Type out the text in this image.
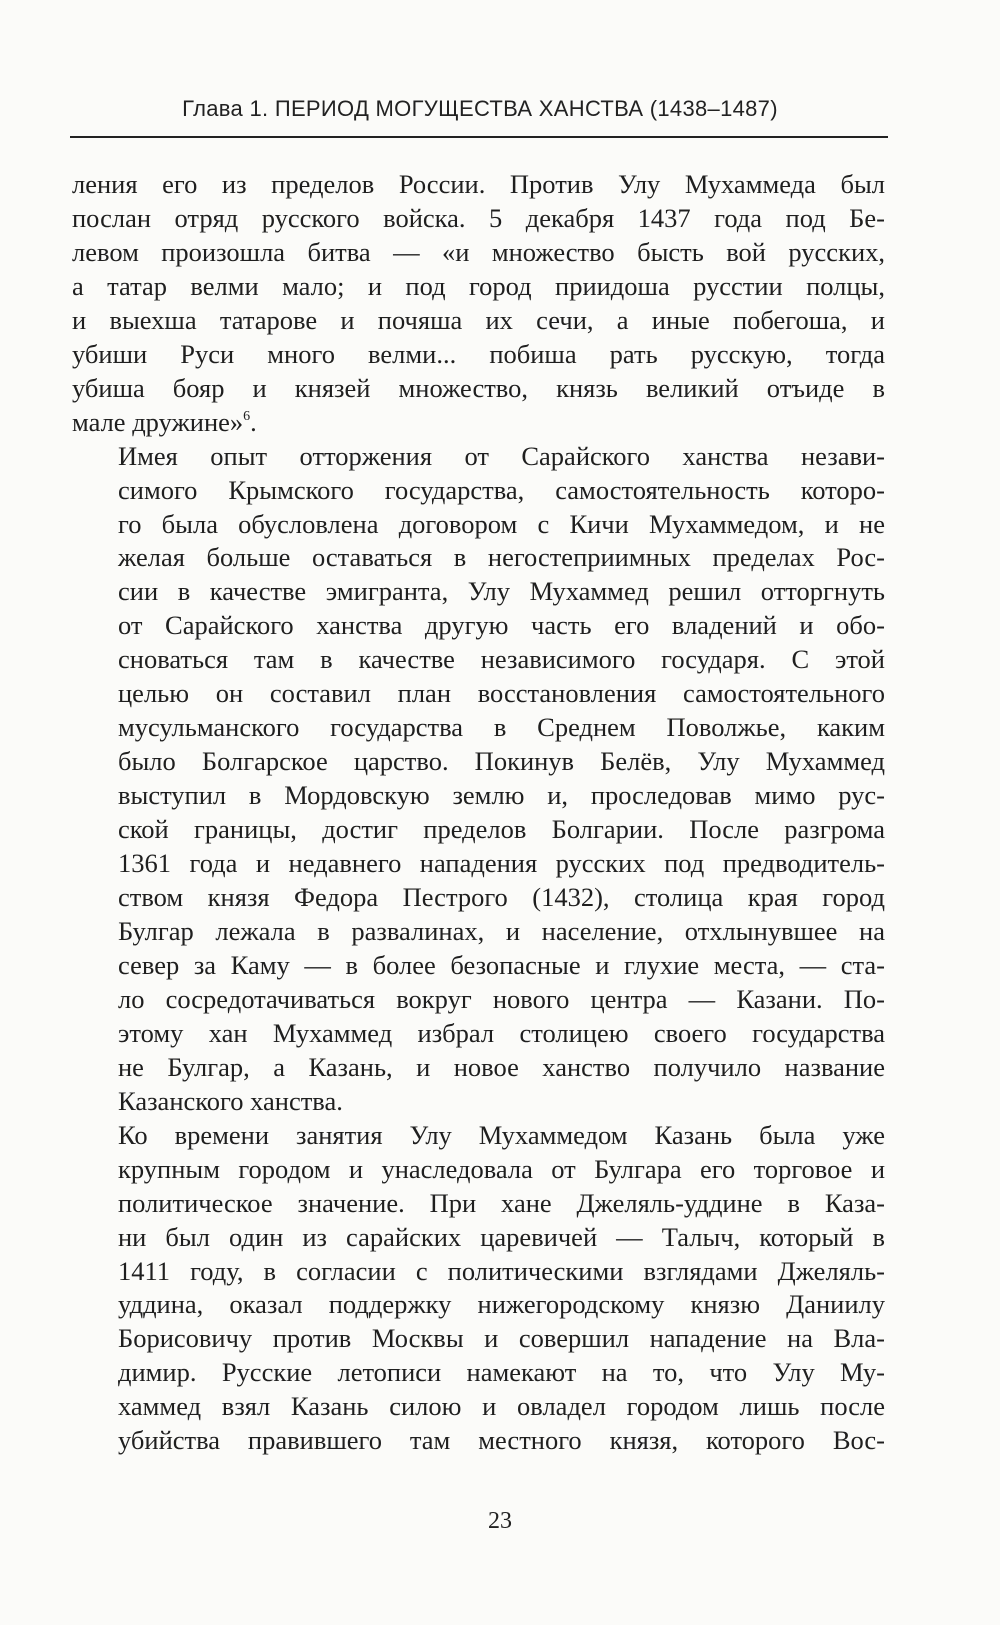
Глава 1. ПЕРИОД МОГУЩЕСТВА ХАНСТВА (1438–1487)

ления его из пределов России. Против Улу Мухаммеда был
послан отряд русского войска. 5 декабря 1437 года под Бе-
левом произошла битва — «и множество бысть вой русских,
а татар велми мало; и под город приидоша русстии полцы,
и выехша татарове и почяша их сечи, а иные побегоша, и
убиши Руси много велми... побиша рать русскую, тогда
убиша бояр и князей множество, князь великий отъиде в
мале дружине»$^6$.

Имея опыт отторжения от Сарайского ханства незави-
симого Крымского государства, самостоятельность которо-
го была обусловлена договором с Кичи Мухаммедом, и не
желая больше оставаться в негостеприимных пределах Рос-
сии в качестве эмигранта, Улу Мухаммед решил отторгнуть
от Сарайского ханства другую часть его владений и обо-
сноваться там в качестве независимого государя. С этой
целью он составил план восстановления самостоятельного
мусульманского государства в Среднем Поволжье, каким
было Болгарское царство. Покинув Белёв, Улу Мухаммед
выступил в Мордовскую землю и, проследовав мимо рус-
ской границы, достиг пределов Болгарии. После разгрома
1361 года и недавнего нападения русских под предводитель-
ством князя Федора Пестрого (1432), столица края город
Булгар лежала в развалинах, и население, отхлынувшее на
север за Каму — в более безопасные и глухие места, — ста-
ло сосредотачиваться вокруг нового центра — Казани. По-
этому хан Мухаммед избрал столицею своего государства
не Булгар, а Казань, и новое ханство получило название
Казанского ханства.

Ко времени занятия Улу Мухаммедом Казань была уже
крупным городом и унаследовала от Булгара его торговое и
политическое значение. При хане Джеляль-уддине в Каза-
ни был один из сарайских царевичей — Талыч, который в
1411 году, в согласии с политическими взглядами Джеляль-
уддина, оказал поддержку нижегородскому князю Даниилу
Борисовичу против Москвы и совершил нападение на Вла-
димир. Русские летописи намекают на то, что Улу Му-
хаммед взял Казань силою и овладел городом лишь после
убийства правившего там местного князя, которого Вос-

23
